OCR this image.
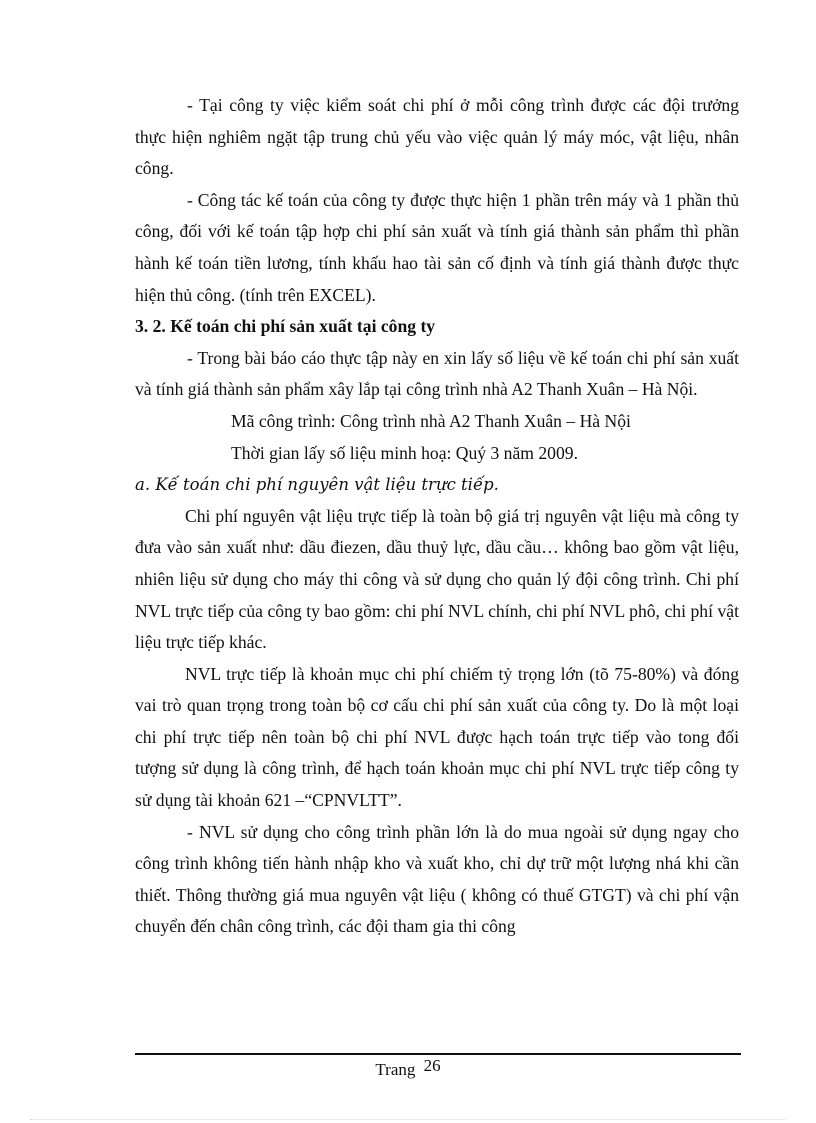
- Tại công ty việc kiểm soát chi phí ở mỗi công trình được các đội trưởng thực hiện nghiêm ngặt tập trung chủ yếu vào việc quản lý máy móc, vật liệu, nhân công.

- Công tác kế toán của công ty được thực hiện 1 phần trên máy và 1 phần thủ công, đối với kế toán tập hợp chi phí sản xuất và tính giá thành sản phẩm thì phần hành kế toán tiền lương, tính khấu hao tài sản cố định và tính giá thành được thực hiện thủ công. (tính trên EXCEL).

3. 2. Kế toán chi phí sản xuất tại công ty

- Trong bài báo cáo thực tập này en xin lấy số liệu về kế toán chi phí sản xuất và tính giá thành sản phẩm xây lắp tại công trình nhà A2 Thanh Xuân – Hà Nội.

Mã công trình: Công trình nhà A2 Thanh Xuân – Hà Nội

Thời gian lấy số liệu minh hoạ: Quý 3 năm 2009.

a. Kế toán chi phí nguyên vật liệu trực tiếp.

Chi phí nguyên vật liệu trực tiếp là toàn bộ giá trị nguyên vật liệu mà công ty đưa vào sản xuất như: dầu điezen, dầu thuỷ lực, dầu cầu… không bao gồm vật liệu, nhiên liệu sử dụng cho máy thi công và sử dụng cho quản lý đội công trình. Chi phí NVL trực tiếp của công ty bao gồm: chi phí NVL chính, chi phí NVL phô, chi phí vật liệu trực tiếp khác.

NVL trực tiếp là khoản mục chi phí chiếm tỷ trọng lớn (tõ 75-80%) và đóng vai trò quan trọng trong toàn bộ cơ cấu chi phí sản xuất của công ty. Do là một loại chi phí trực tiếp nên toàn bộ chi phí NVL được hạch toán trực tiếp vào tong đối tượng sử dụng là công trình, để hạch toán khoản mục chi phí NVL trực tiếp công ty sử dụng tài khoản 621 –“CPNVLTT”.

- NVL sử dụng cho công trình phần lớn là do mua ngoài sử dụng ngay cho công trình không tiến hành nhập kho và xuất kho, chỉ dự trữ một lượng nhá khi cần thiết. Thông thường giá mua nguyên vật liệu ( không có thuế GTGT) và chi phí vận chuyển đến chân công trình, các đội tham gia thi công

Trang 26
